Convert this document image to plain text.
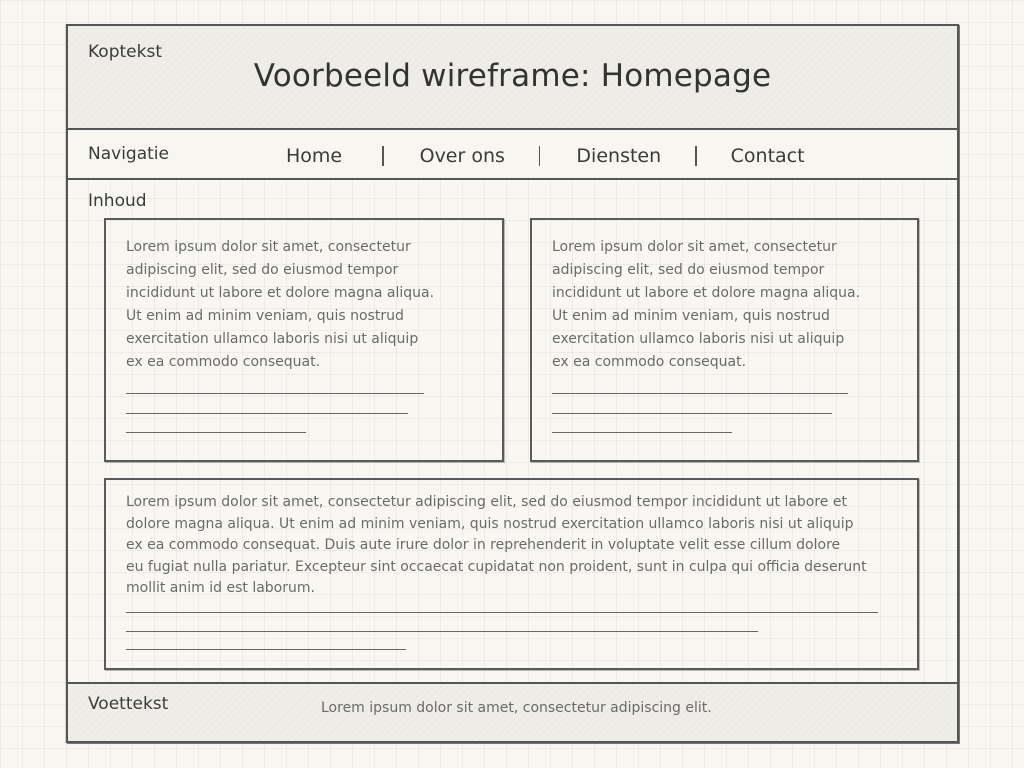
Koptekst
Voorbeeld wireframe: Homepage
Navigatie	Home	Over ons	Diensten	Contact
Inhoud
Lorem ipsum dolor sit amet, consectetur
adipiscing elit, sed do eiusmod tempor
incididunt ut labore et dolore magna aliqua.
Ut enim ad minim veniam, quis nostrud
exercitation ullamco laboris nisi ut aliquip
ex ea commodo consequat.
Lorem ipsum dolor sit amet, consectetur
adipiscing elit, sed do eiusmod tempor
incididunt ut labore et dolore magna aliqua.
Ut enim ad minim veniam, quis nostrud
exercitation ullamco laboris nisi ut aliquip
ex ea commodo consequat.
Lorem ipsum dolor sit amet, consectetur adipiscing elit, sed do eiusmod tempor incididunt ut labore et
dolore magna aliqua. Ut enim ad minim veniam, quis nostrud exercitation ullamco laboris nisi ut aliquip
ex ea commodo consequat. Duis aute irure dolor in reprehenderit in voluptate velit esse cillum dolore
eu fugiat nulla pariatur. Excepteur sint occaecat cupidatat non proident, sunt in culpa qui officia deserunt
mollit anim id est laborum.
Voettekst	Lorem ipsum dolor sit amet, consectetur adipiscing elit.
